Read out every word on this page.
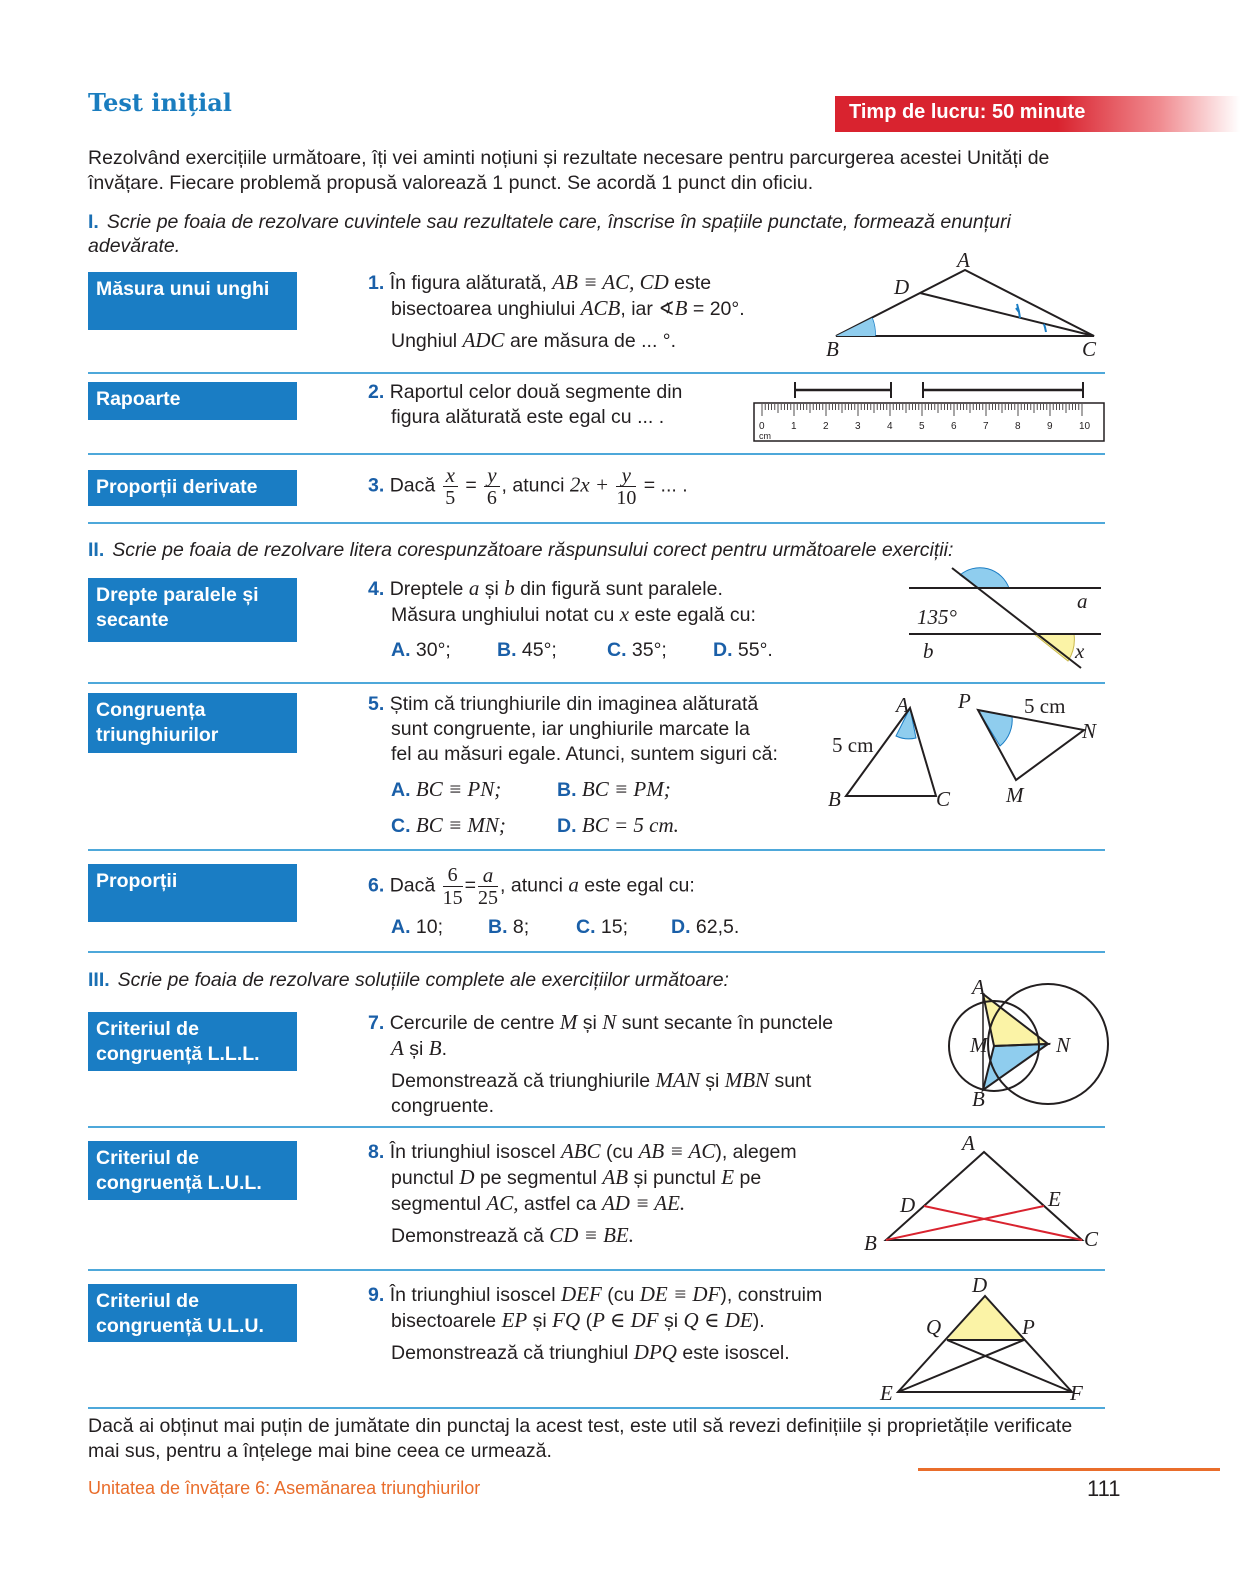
Test inițial	Timp de lucru: 50 minute
Rezolvând exercițiile următoare, îți vei aminti noțiuni și rezultate necesare pentru parcurgerea acestei Unități de învățare. Fiecare problemă propusă valorează 1 punct. Se acordă 1 punct din oficiu.
I. Scrie pe foaia de rezolvare cuvintele sau rezultatele care, înscrise în spațiile punctate, formează enunțuri adevărate.
Măsura unui unghi	1. În figura alăturată, AB ≡ AC, CD este
bisectoarea unghiului ACB, iar ∢B = 20°.
Unghiul ADC are măsura de ... °.
A
D
B	C
Rapoarte	2. Raportul celor două segmente din
figura alăturată este egal cu ... .	0	1	2	3	4	5	6	7	8	9	10
cm
Proporții derivate	3. Dacă $\frac{x}{5} = \frac{y}{6}$ , atunci $2x + \frac{y}{10}$ = ... .
II. Scrie pe foaia de rezolvare litera corespunzătoare răspunsului corect pentru următoarele exerciții:
Drepte paralele și secante
4. Dreptele a și b din figură sunt paralele.
Măsura unghiului notat cu x este egală cu:
A. 30°; B. 45°;	C. 35°; D. 55°.
135°
a
b	x
Congruența triunghiurilor
5. Știm că triunghiurile din imaginea alăturată
sunt congruente, iar unghiurile marcate la
fel au măsuri egale. Atunci, suntem siguri că:
A. BC ≡ PN;	B. BC ≡ PM;
C. BC ≡ MN;	D. BC = 5 cm.
A
B	C
5 cm
P	5 cm
N
M
Proporții	6. Dacă $\frac{6}{15} = \frac{a}{25}$ , atunci a este egal cu:
A. 10; B. 8; C. 15; D. 62,5.
III. Scrie pe foaia de rezolvare soluțiile complete ale exercițiilor următoare:
Criteriul de congruență L.L.L.
7. Cercurile de centre M și N sunt secante în punctele
A și B.
Demonstrează că triunghiurile MAN și MBN sunt
congruente.
A
M	N
B
Criteriul de congruență L.U.L.
8. În triunghiul isoscel ABC (cu AB ≡ AC), alegem
punctul D pe segmentul AB și punctul E pe
segmentul AC, astfel ca AD ≡ AE.
Demonstrează că CD ≡ BE.
A
D	E
B	C
Criteriul de congruență U.L.U.
9. În triunghiul isoscel DEF (cu DE ≡ DF), construim
bisectoarele EP și FQ (P ∈ DF și Q ∈ DE).
Demonstrează că triunghiul DPQ este isoscel.
D
Q	P
E	F
Dacă ai obținut mai puțin de jumătate din punctaj la acest test, este util să revezi definițiile și proprietățile verificate mai sus, pentru a înțelege mai bine ceea ce urmează.
Unitatea de învățare 6: Asemănarea triunghiurilor	111
